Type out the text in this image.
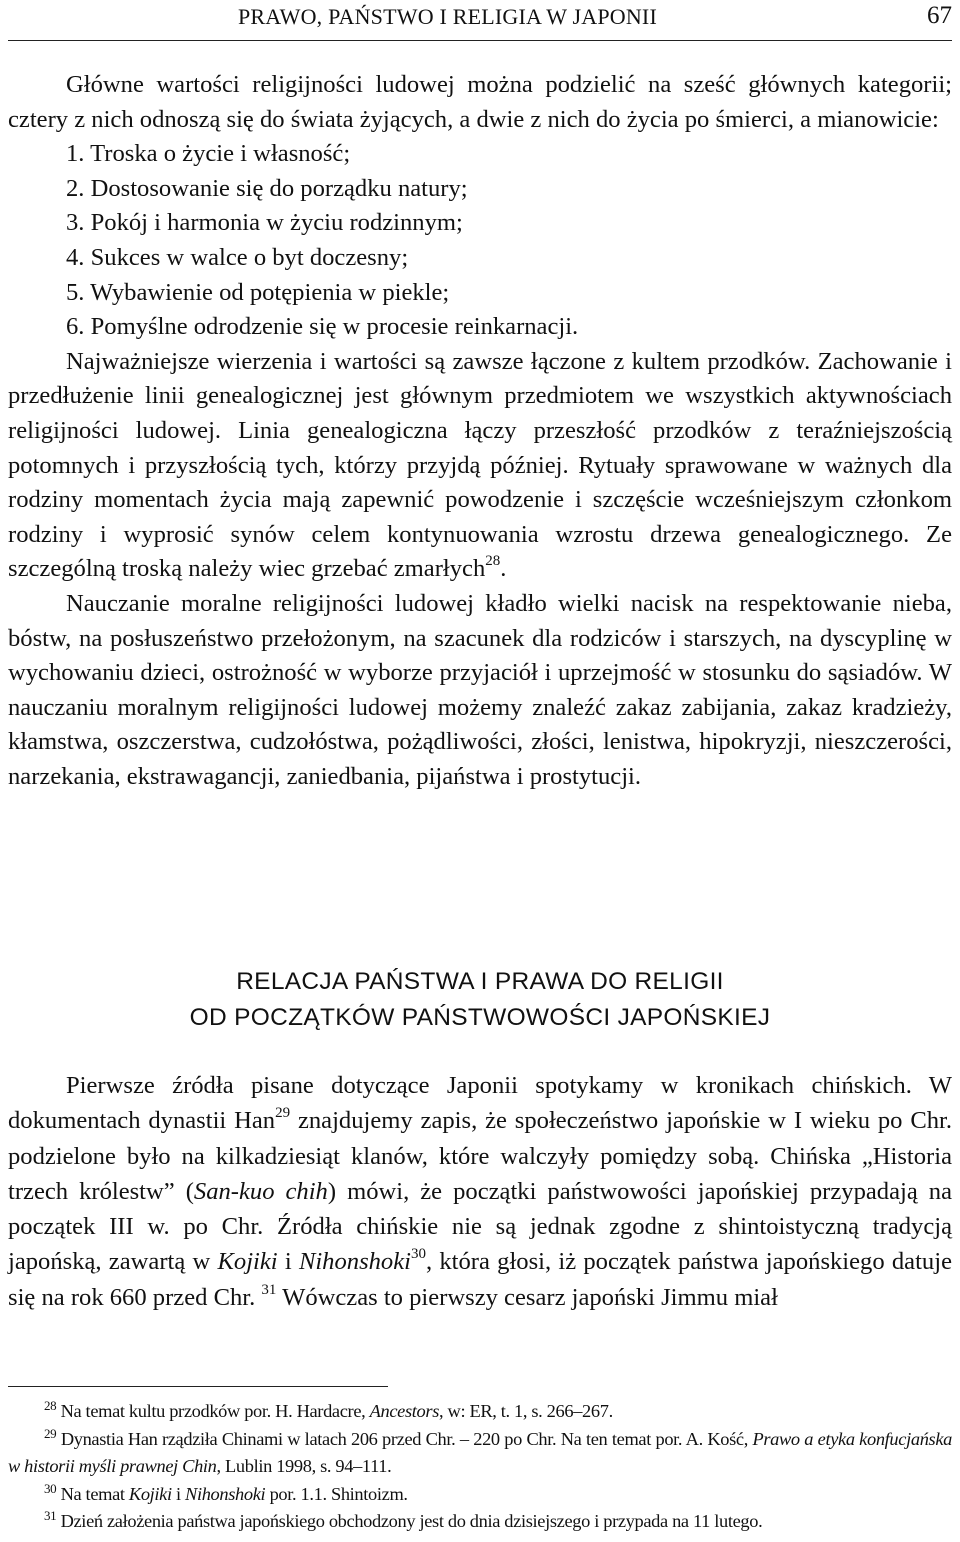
PRAWO, PAŃSTWO I RELIGIA W JAPONII	67

Główne wartości religijności ludowej można podzielić na sześć głównych kategorii; cztery z nich odnoszą się do świata żyjących, a dwie z nich do życia po śmierci, a mianowicie:

1. Troska o życie i własność;
2. Dostosowanie się do porządku natury;
3. Pokój i harmonia w życiu rodzinnym;
4. Sukces w walce o byt doczesny;
5. Wybawienie od potępienia w piekle;
6. Pomyślne odrodzenie się w procesie reinkarnacji.

Najważniejsze wierzenia i wartości są zawsze łączone z kultem przodków. Zachowanie i przedłużenie linii genealogicznej jest głównym przedmiotem we wszystkich aktywnościach religijności ludowej. Linia genealogiczna łączy przeszłość przodków z teraźniejszością potomnych i przyszłością tych, którzy przyjdą później. Rytuały sprawowane w ważnych dla rodziny momentach życia mają zapewnić powodzenie i szczęście wcześniejszym członkom rodziny i wyprosić synów celem kontynuowania wzrostu drzewa genealogicznego. Ze szczególną troską należy wiec grzebać zmarłych$^{28}$.

Nauczanie moralne religijności ludowej kładło wielki nacisk na respektowanie nieba, bóstw, na posłuszeństwo przełożonym, na szacunek dla rodziców i starszych, na dyscyplinę w wychowaniu dzieci, ostrożność w wyborze przyjaciół i uprzejmość w stosunku do sąsiadów. W nauczaniu moralnym religijności ludowej możemy znaleźć zakaz zabijania, zakaz kradzieży, kłamstwa, oszczerstwa, cudzołóstwa, pożądliwości, złości, lenistwa, hipokryzji, nieszczerości, narzekania, ekstrawagancji, zaniedbania, pijaństwa i prostytucji.

RELACJA PAŃSTWA I PRAWA DO RELIGII
OD POCZĄTKÓW PAŃSTWOWOŚCI JAPOŃSKIEJ

Pierwsze źródła pisane dotyczące Japonii spotykamy w kronikach chińskich. W dokumentach dynastii Han$^{29}$ znajdujemy zapis, że społeczeństwo japońskie w I wieku po Chr. podzielone było na kilkadziesiąt klanów, które walczyły pomiędzy sobą. Chińska „Historia trzech królestw” (San-kuo chih) mówi, że początki państwowości japońskiej przypadają na początek III w. po Chr. Źródła chińskie nie są jednak zgodne z shintoistyczną tradycją japońską, zawartą w Kojiki i Nihonshoki$^{30}$, która głosi, iż początek państwa japońskiego datuje się na rok 660 przed Chr. $^{31}$ Wówczas to pierwszy cesarz japoński Jimmu miał

$^{28}$ Na temat kultu przodków por. H. Hardacre, Ancestors, w: ER, t. 1, s. 266–267.

$^{29}$ Dynastia Han rządziła Chinami w latach 206 przed Chr. – 220 po Chr. Na ten temat por. A. Kość, Prawo a etyka konfucjańska w historii myśli prawnej Chin, Lublin 1998, s. 94–111.

$^{30}$ Na temat Kojiki i Nihonshoki por. 1.1. Shintoizm.

$^{31}$ Dzień założenia państwa japońskiego obchodzony jest do dnia dzisiejszego i przypada na 11 lutego.
